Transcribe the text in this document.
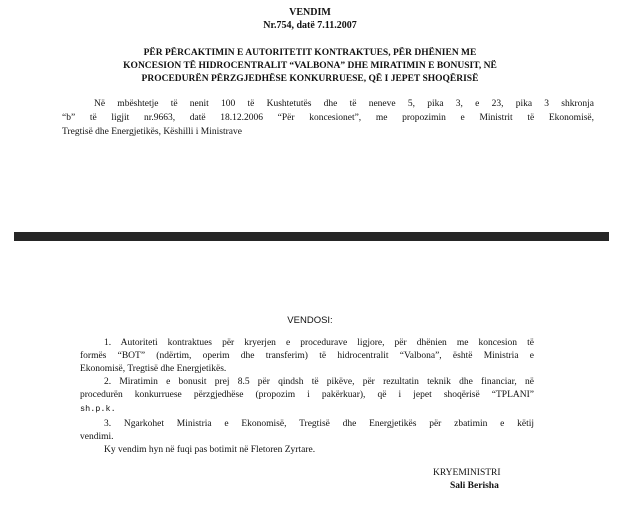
VENDIM
Nr.754, datë 7.11.2007
PËR PËRCAKTIMIN E AUTORITETIT KONTRAKTUES, PËR DHËNIEN ME
KONCESION TË HIDROCENTRALIT “VALBONA” DHE MIRATIMIN E BONUSIT, NË
PROCEDURËN PËRZGJEDHËSE KONKURRUESE, QË I JEPET SHOQËRISË
Në mbështetje të nenit 100 të Kushtetutës dhe të neneve 5, pika 3, e 23, pika 3 shkronja
“b” të ligjit nr.9663, datë 18.12.2006 “Për koncesionet”, me propozimin e Ministrit të Ekonomisë,
Tregtisë dhe Energjetikës, Këshilli i Ministrave
VENDOSI:
1. Autoriteti kontraktues për kryerjen e procedurave ligjore, për dhënien me koncesion të
formës “BOT” (ndërtim, operim dhe transferim) të hidrocentralit “Valbona”, është Ministria e
Ekonomisë, Tregtisë dhe Energjetikës.
2. Miratimin e bonusit prej 8.5 për qindsh të pikëve, për rezultatin teknik dhe financiar, në
procedurën konkurruese përzgjedhëse (propozim i pakërkuar), që i jepet shoqërisë “TPLANI”
sh.p.k.
3. Ngarkohet Ministria e Ekonomisë, Tregtisë dhe Energjetikës për zbatimin e këtij
vendimi.
Ky vendim hyn në fuqi pas botimit në Fletoren Zyrtare.
KRYEMINISTRI
Sali Berisha
